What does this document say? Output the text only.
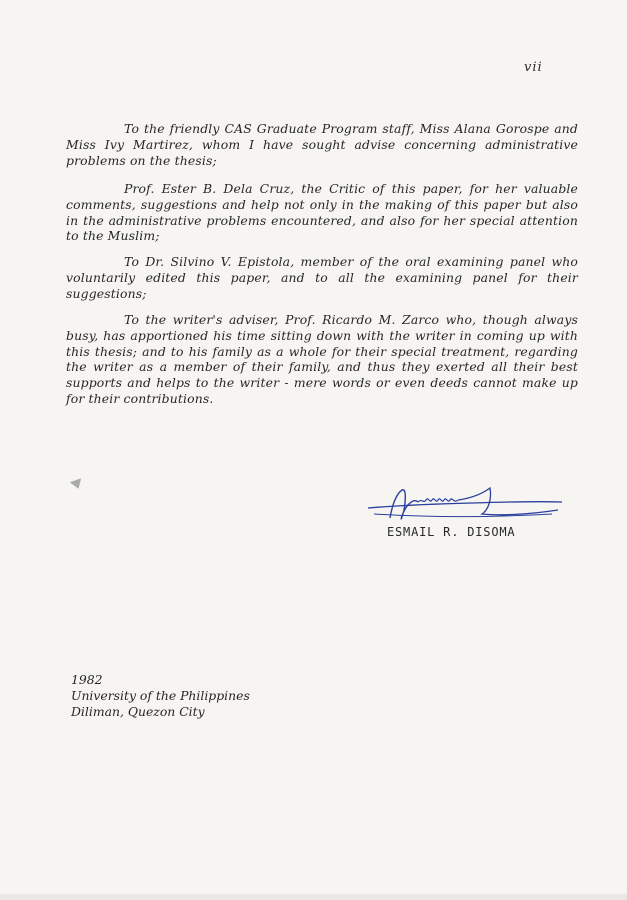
vii

To the friendly CAS Graduate Program staff, Miss Alana Gorospe and Miss Ivy Martirez, whom I have sought advise concerning administrative problems on the thesis;

Prof. Ester B. Dela Cruz, the Critic of this paper, for her valuable comments, suggestions and help not only in the making of this paper but also in the administrative problems encountered, and also for her special attention to the Muslim;

To Dr. Silvino V. Epistola, member of the oral examining panel who voluntarily edited this paper, and to all the examining panel for their suggestions;

To the writer's adviser, Prof. Ricardo M. Zarco who, though always busy, has apportioned his time sitting down with the writer in coming up with this thesis; and to his family as a whole for their special treatment, regarding the writer as a member of their family, and thus they exerted all their best supports and helps to the writer - mere words or even deeds cannot make up for their contributions.

ESMAIL R. DISOMA
1982
University of the Philippines
Diliman, Quezon City
